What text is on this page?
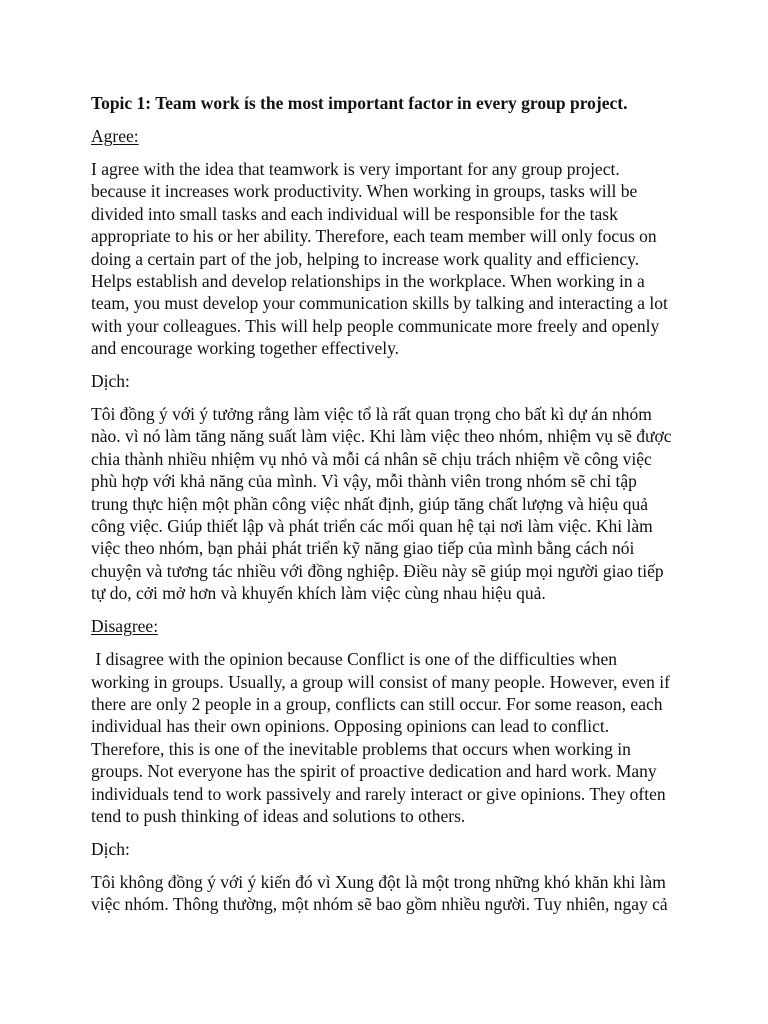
Topic 1: Team work ís the most important factor in every group project.
Agree:
I agree with the idea that teamwork is very important for any group project.
because it increases work productivity. When working in groups, tasks will be
divided into small tasks and each individual will be responsible for the task
appropriate to his or her ability. Therefore, each team member will only focus on
doing a certain part of the job, helping to increase work quality and efficiency.
Helps establish and develop relationships in the workplace. When working in a
team, you must develop your communication skills by talking and interacting a lot
with your colleagues. This will help people communicate more freely and openly
and encourage working together effectively.
Dịch:
Tôi đồng ý với ý tưởng rằng làm việc tổ là rất quan trọng cho bất kì dự án nhóm
nào. vì nó làm tăng năng suất làm việc. Khi làm việc theo nhóm, nhiệm vụ sẽ được
chia thành nhiều nhiệm vụ nhỏ và mỗi cá nhân sẽ chịu trách nhiệm về công việc
phù hợp với khả năng của mình. Vì vậy, mỗi thành viên trong nhóm sẽ chỉ tập
trung thực hiện một phần công việc nhất định, giúp tăng chất lượng và hiệu quả
công việc. Giúp thiết lập và phát triển các mối quan hệ tại nơi làm việc. Khi làm
việc theo nhóm, bạn phải phát triển kỹ năng giao tiếp của mình bằng cách nói
chuyện và tương tác nhiều với đồng nghiệp. Điều này sẽ giúp mọi người giao tiếp
tự do, cởi mở hơn và khuyến khích làm việc cùng nhau hiệu quả.
Disagree:
I disagree with the opinion because Conflict is one of the difficulties when
working in groups. Usually, a group will consist of many people. However, even if
there are only 2 people in a group, conflicts can still occur. For some reason, each
individual has their own opinions. Opposing opinions can lead to conflict.
Therefore, this is one of the inevitable problems that occurs when working in
groups. Not everyone has the spirit of proactive dedication and hard work. Many
individuals tend to work passively and rarely interact or give opinions. They often
tend to push thinking of ideas and solutions to others.
Dịch:
Tôi không đồng ý với ý kiến đó vì Xung đột là một trong những khó khăn khi làm
việc nhóm. Thông thường, một nhóm sẽ bao gồm nhiều người. Tuy nhiên, ngay cả
